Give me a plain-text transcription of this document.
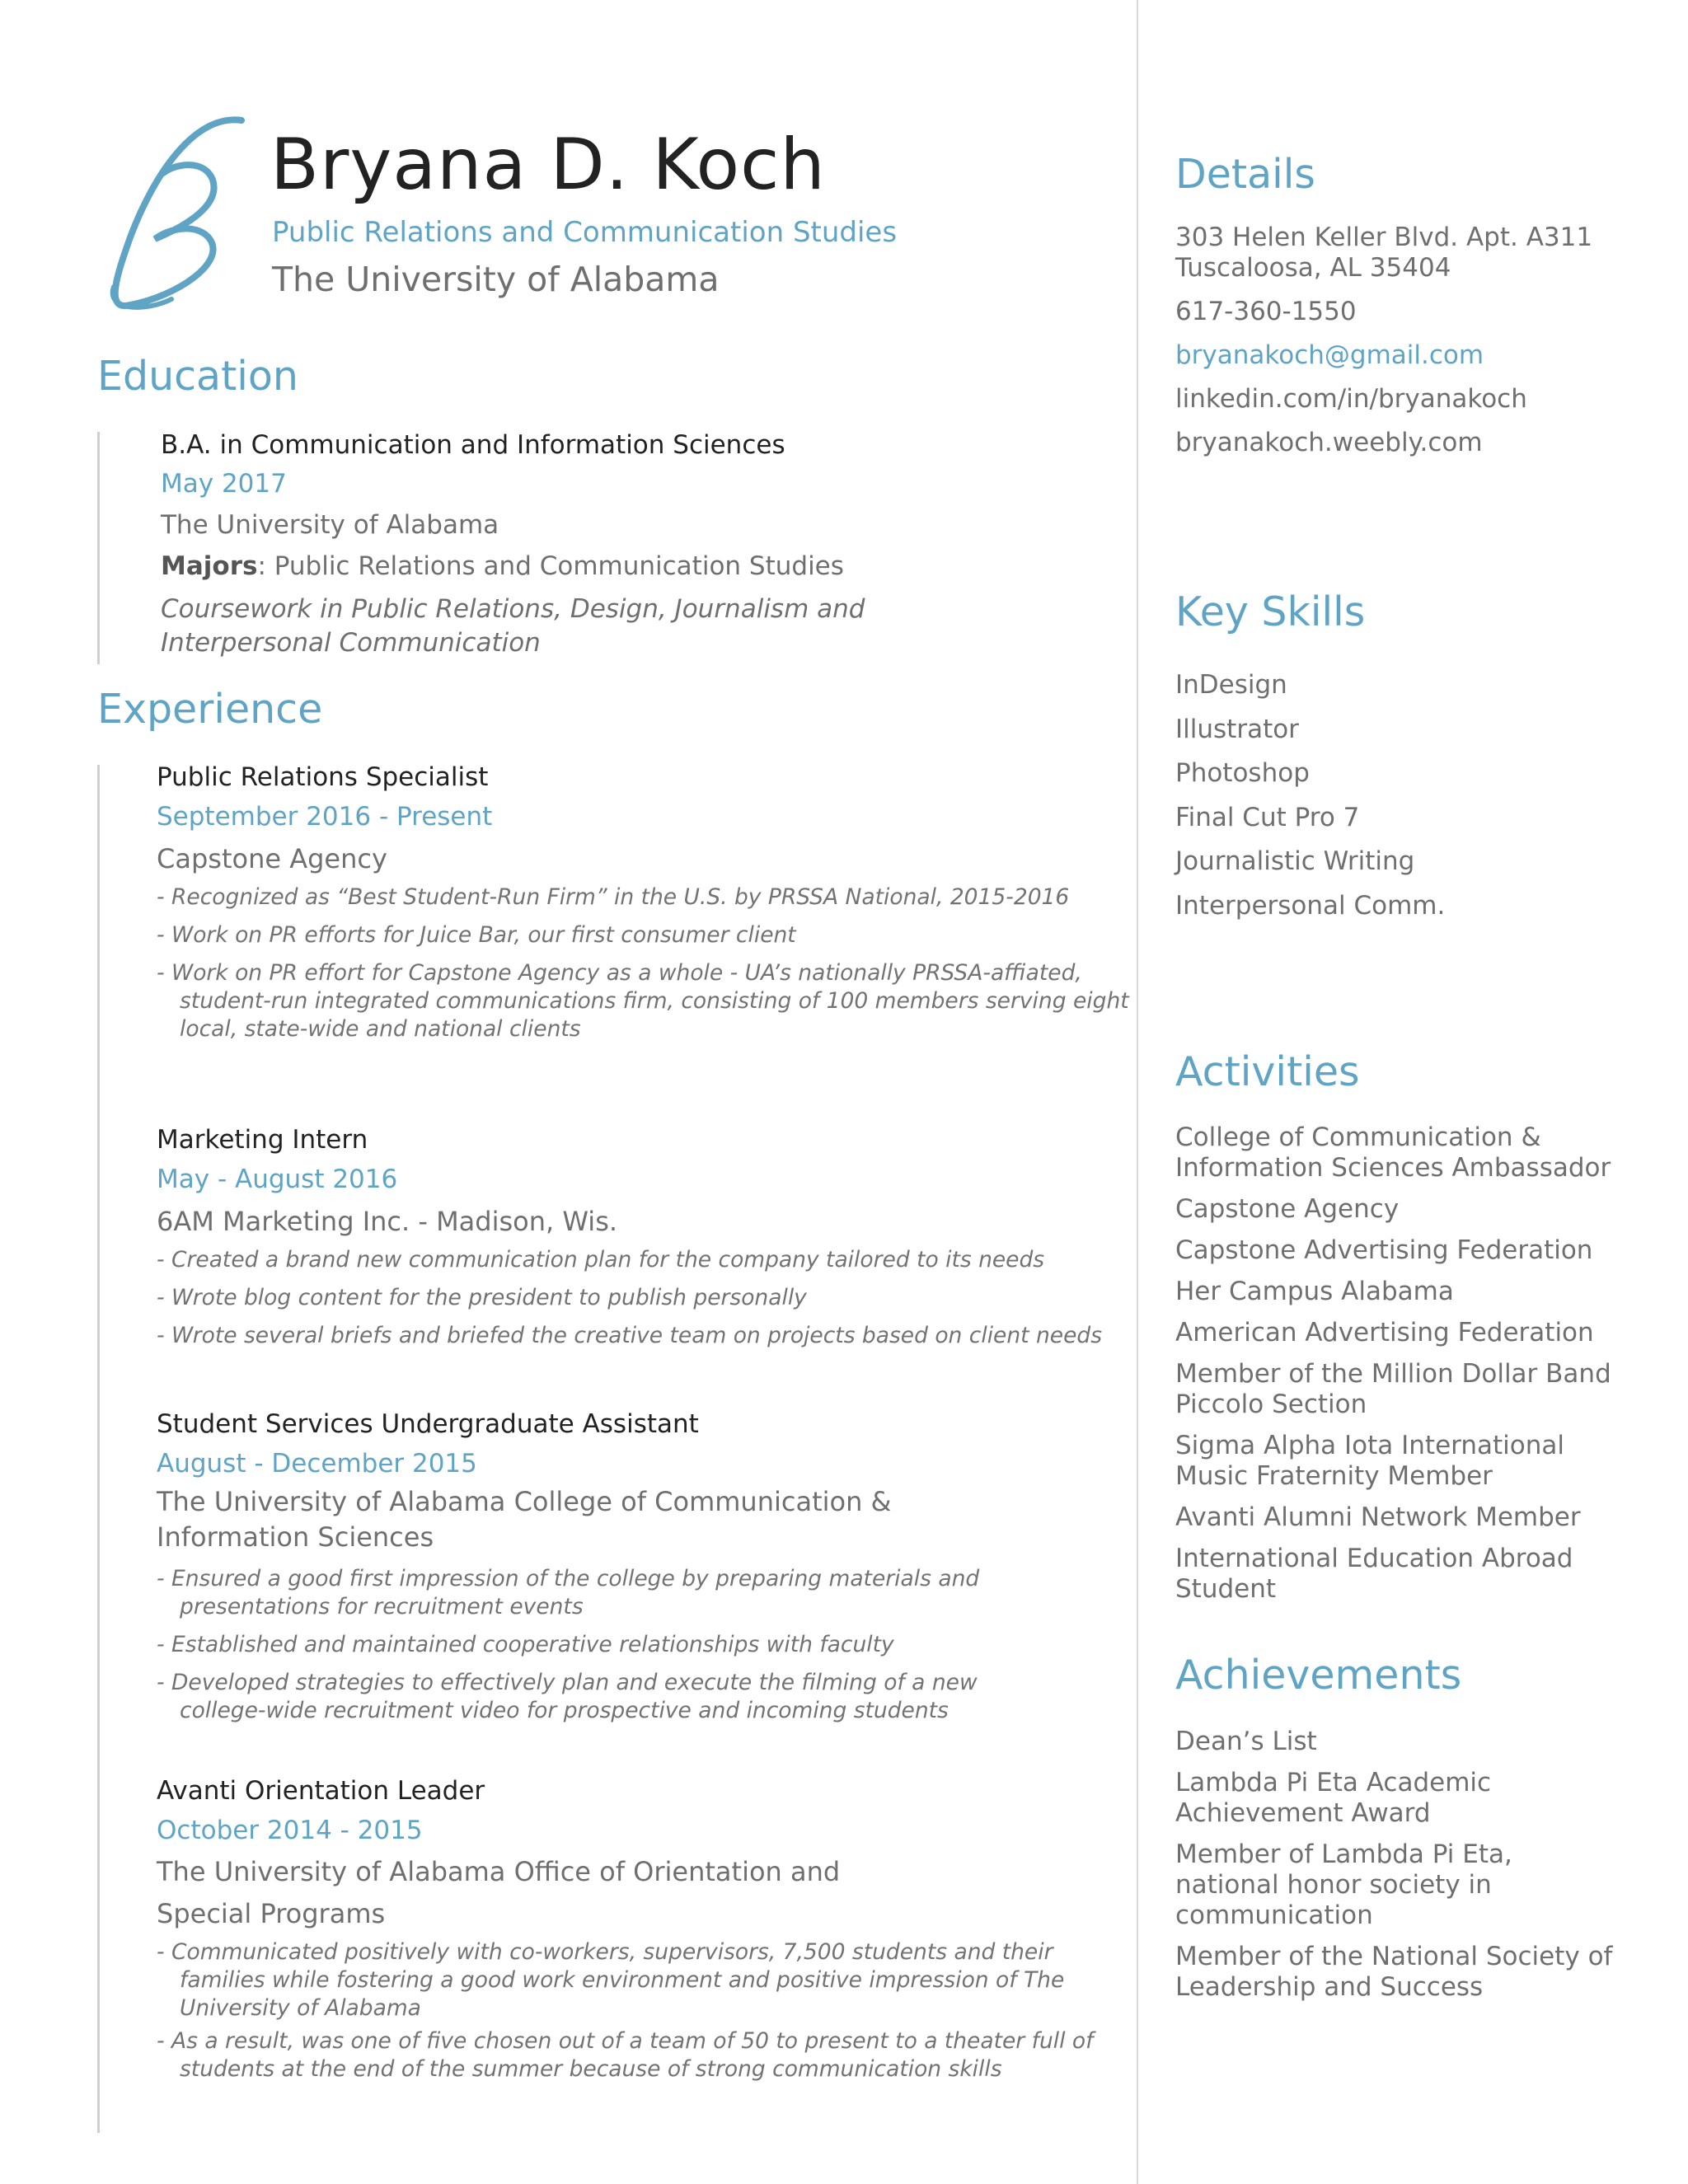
Bryana D. Koch
Public Relations and Communication Studies
The University of Alabama
Education

B.A. in Communication and Information Sciences

May 2017

The University of Alabama

Majors: Public Relations and Communication Studies

Coursework in Public Relations, Design, Journalism and

Interpersonal Communication

Experience

Public Relations Specialist

September 2016 - Present

Capstone Agency

- Recognized as “Best Student-Run Firm” in the U.S. by PRSSA National, 2015-2016

- Work on PR efforts for Juice Bar, our first consumer client

- Work on PR effort for Capstone Agency as a whole - UA’s nationally PRSSA-affiated, student-run integrated communications firm, consisting of 100 members serving eight local, state-wide and national clients

Marketing Intern

May - August 2016

6AM Marketing Inc. - Madison, Wis.

- Created a brand new communication plan for the company tailored to its needs

- Wrote blog content for the president to publish personally

- Wrote several briefs and briefed the creative team on projects based on client needs

Student Services Undergraduate Assistant

August - December 2015

The University of Alabama College of Communication &

Information Sciences

- Ensured a good first impression of the college by preparing materials and presentations for recruitment events

- Established and maintained cooperative relationships with faculty

- Developed strategies to effectively plan and execute the filming of a new college-wide recruitment video for prospective and incoming students

Avanti Orientation Leader

October 2014 - 2015

The University of Alabama Office of Orientation and

Special Programs

- Communicated positively with co-workers, supervisors, 7,500 students and their families while fostering a good work environment and positive impression of The University of Alabama

- As a result, was one of five chosen out of a team of 50 to present to a theater full of students at the end of the summer because of strong communication skills

Details

303 Helen Keller Blvd. Apt. A311

Tuscaloosa, AL 35404

617-360-1550

bryanakoch@gmail.com

linkedin.com/in/bryanakoch

bryanakoch.weebly.com

Key Skills

InDesign

Illustrator

Photoshop

Final Cut Pro 7

Journalistic Writing

Interpersonal Comm.

Activities

College of Communication & Information Sciences Ambassador

Capstone Agency

Capstone Advertising Federation

Her Campus Alabama

American Advertising Federation

Member of the Million Dollar Band Piccolo Section

Sigma Alpha Iota International Music Fraternity Member

Avanti Alumni Network Member

International Education Abroad Student

Achievements

Dean’s List

Lambda Pi Eta Academic Achievement Award

Member of Lambda Pi Eta, national honor society in communication

Member of the National Society of Leadership and Success
